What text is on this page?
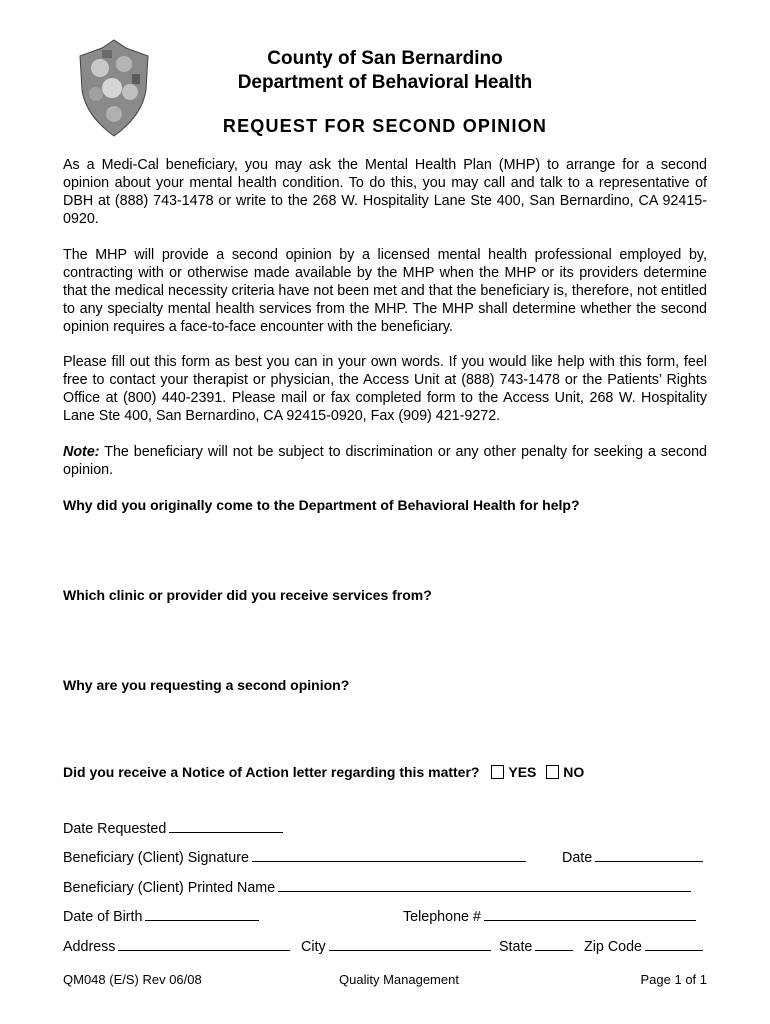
County of San Bernardino
Department of Behavioral Health
REQUEST FOR SECOND OPINION

As a Medi-Cal beneficiary, you may ask the Mental Health Plan (MHP) to arrange for a second opinion about your mental health condition. To do this, you may call and talk to a representative of DBH at (888) 743-1478 or write to the 268 W. Hospitality Lane Ste 400, San Bernardino, CA 92415-0920.

The MHP will provide a second opinion by a licensed mental health professional employed by, contracting with or otherwise made available by the MHP when the MHP or its providers determine that the medical necessity criteria have not been met and that the beneficiary is, therefore, not entitled to any specialty mental health services from the MHP. The MHP shall determine whether the second opinion requires a face-to-face encounter with the beneficiary.

Please fill out this form as best you can in your own words. If you would like help with this form, feel free to contact your therapist or physician, the Access Unit at (888) 743-1478 or the Patients’ Rights Office at (800) 440-2391. Please mail or fax completed form to the Access Unit, 268 W. Hospitality Lane Ste 400, San Bernardino, CA 92415-0920, Fax (909) 421-9272.

Note: The beneficiary will not be subject to discrimination or any other penalty for seeking a second opinion.

Why did you originally come to the Department of Behavioral Health for help?

Which clinic or provider did you receive services from?

Why are you requesting a second opinion?

Did you receive a Notice of Action letter regarding this matter? YES NO
Date Requested
Beneficiary (Client) Signature	Date
Beneficiary (Client) Printed Name
Date of Birth	Telephone #
Address	City	State	Zip Code
QM048 (E/S) Rev 06/08	Quality Management	Page 1 of 1
